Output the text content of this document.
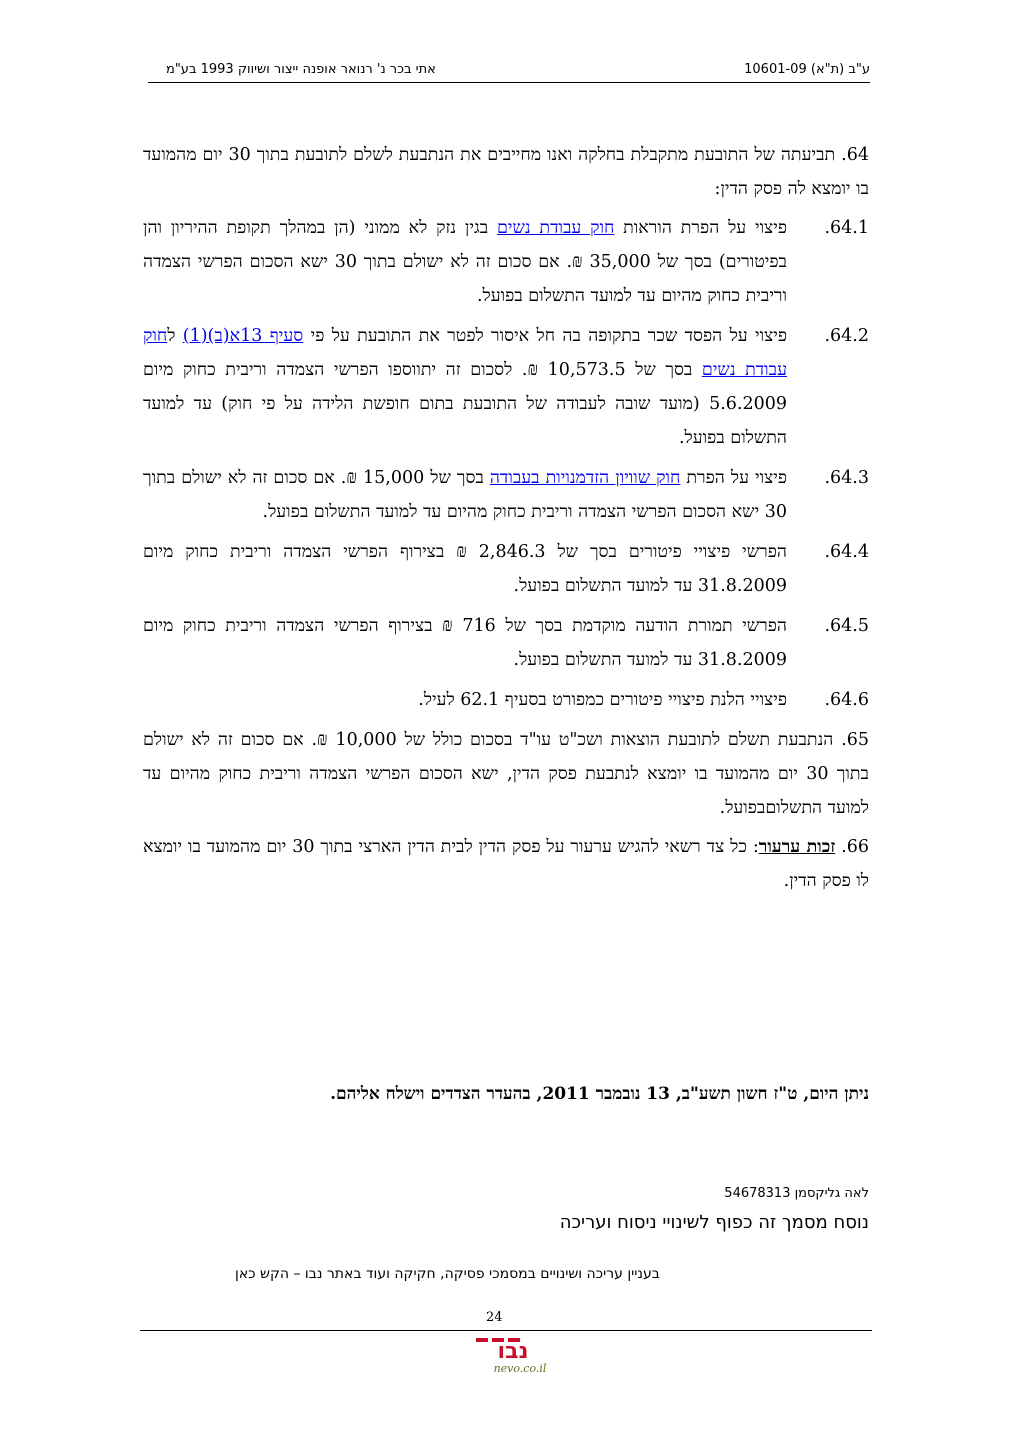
ע"ב (ת"א) 10601-09
אתי בכר נ' רנואר אופנה ייצור ושיווק 1993 בע"מ
64. תביעתה של התובעת מתקבלת בחלקה ואנו מחייבים את הנתבעת לשלם לתובעת בתוך 30 יום מהמועד בו יומצא לה פסק הדין:
64.1.
פיצוי על הפרת הוראות חוק עבודת נשים בגין נזק לא ממוני (הן במהלך תקופת ההיריון והן בפיטורים) בסך של 35,000 ₪. אם סכום זה לא ישולם בתוך 30 ישא הסכום הפרשי הצמדה וריבית כחוק מהיום עד למועד התשלום בפועל.
64.2.
פיצוי על הפסד שכר בתקופה בה חל איסור לפטר את התובעת על פי סעיף 13א(ב)(1) לחוק עבודת נשים בסך של 10,573.5 ₪. לסכום זה יתווספו הפרשי הצמדה וריבית כחוק מיום 5.6.2009 (מועד שובה לעבודה של התובעת בתום חופשת הלידה על פי חוק) עד למועד התשלום בפועל.
64.3.
פיצוי על הפרת חוק שוויון הזדמנויות בעבודה בסך של 15,000 ₪. אם סכום זה לא ישולם בתוך 30 ישא הסכום הפרשי הצמדה וריבית כחוק מהיום עד למועד התשלום בפועל.
64.4.
הפרשי פיצויי פיטורים בסך של 2,846.3 ₪ בצירוף הפרשי הצמדה וריבית כחוק מיום 31.8.2009 עד למועד התשלום בפועל.
64.5.
הפרשי תמורת הודעה מוקדמת בסך של 716 ₪ בצירוף הפרשי הצמדה וריבית כחוק מיום 31.8.2009 עד למועד התשלום בפועל.
64.6.
פיצויי הלנת פיצויי פיטורים כמפורט בסעיף 62.1 לעיל.
65. הנתבעת תשלם לתובעת הוצאות ושכ"ט עו"ד בסכום כולל של 10,000 ₪. אם סכום זה לא ישולם בתוך 30 יום מהמועד בו יומצא לנתבעת פסק הדין, ישא הסכום הפרשי הצמדה וריבית כחוק מהיום עד למועד התשלוםבפועל.
66. זכות ערעור: כל צד רשאי להגיש ערעור על פסק הדין לבית הדין הארצי בתוך 30 יום מהמועד בו יומצא לו פסק הדין.
ניתן היום, ט"ז חשון תשע"ב, 13 נובמבר 2011, בהעדר הצדדים וישלח אליהם.
לאה גליקסמן 54678313
נוסח מסמך זה כפוף לשינויי ניסוח ועריכה
בעניין עריכה ושינויים במסמכי פסיקה, חקיקה ועוד באתר נבו – הקש כאן
24
נבו
nevo.co.il
